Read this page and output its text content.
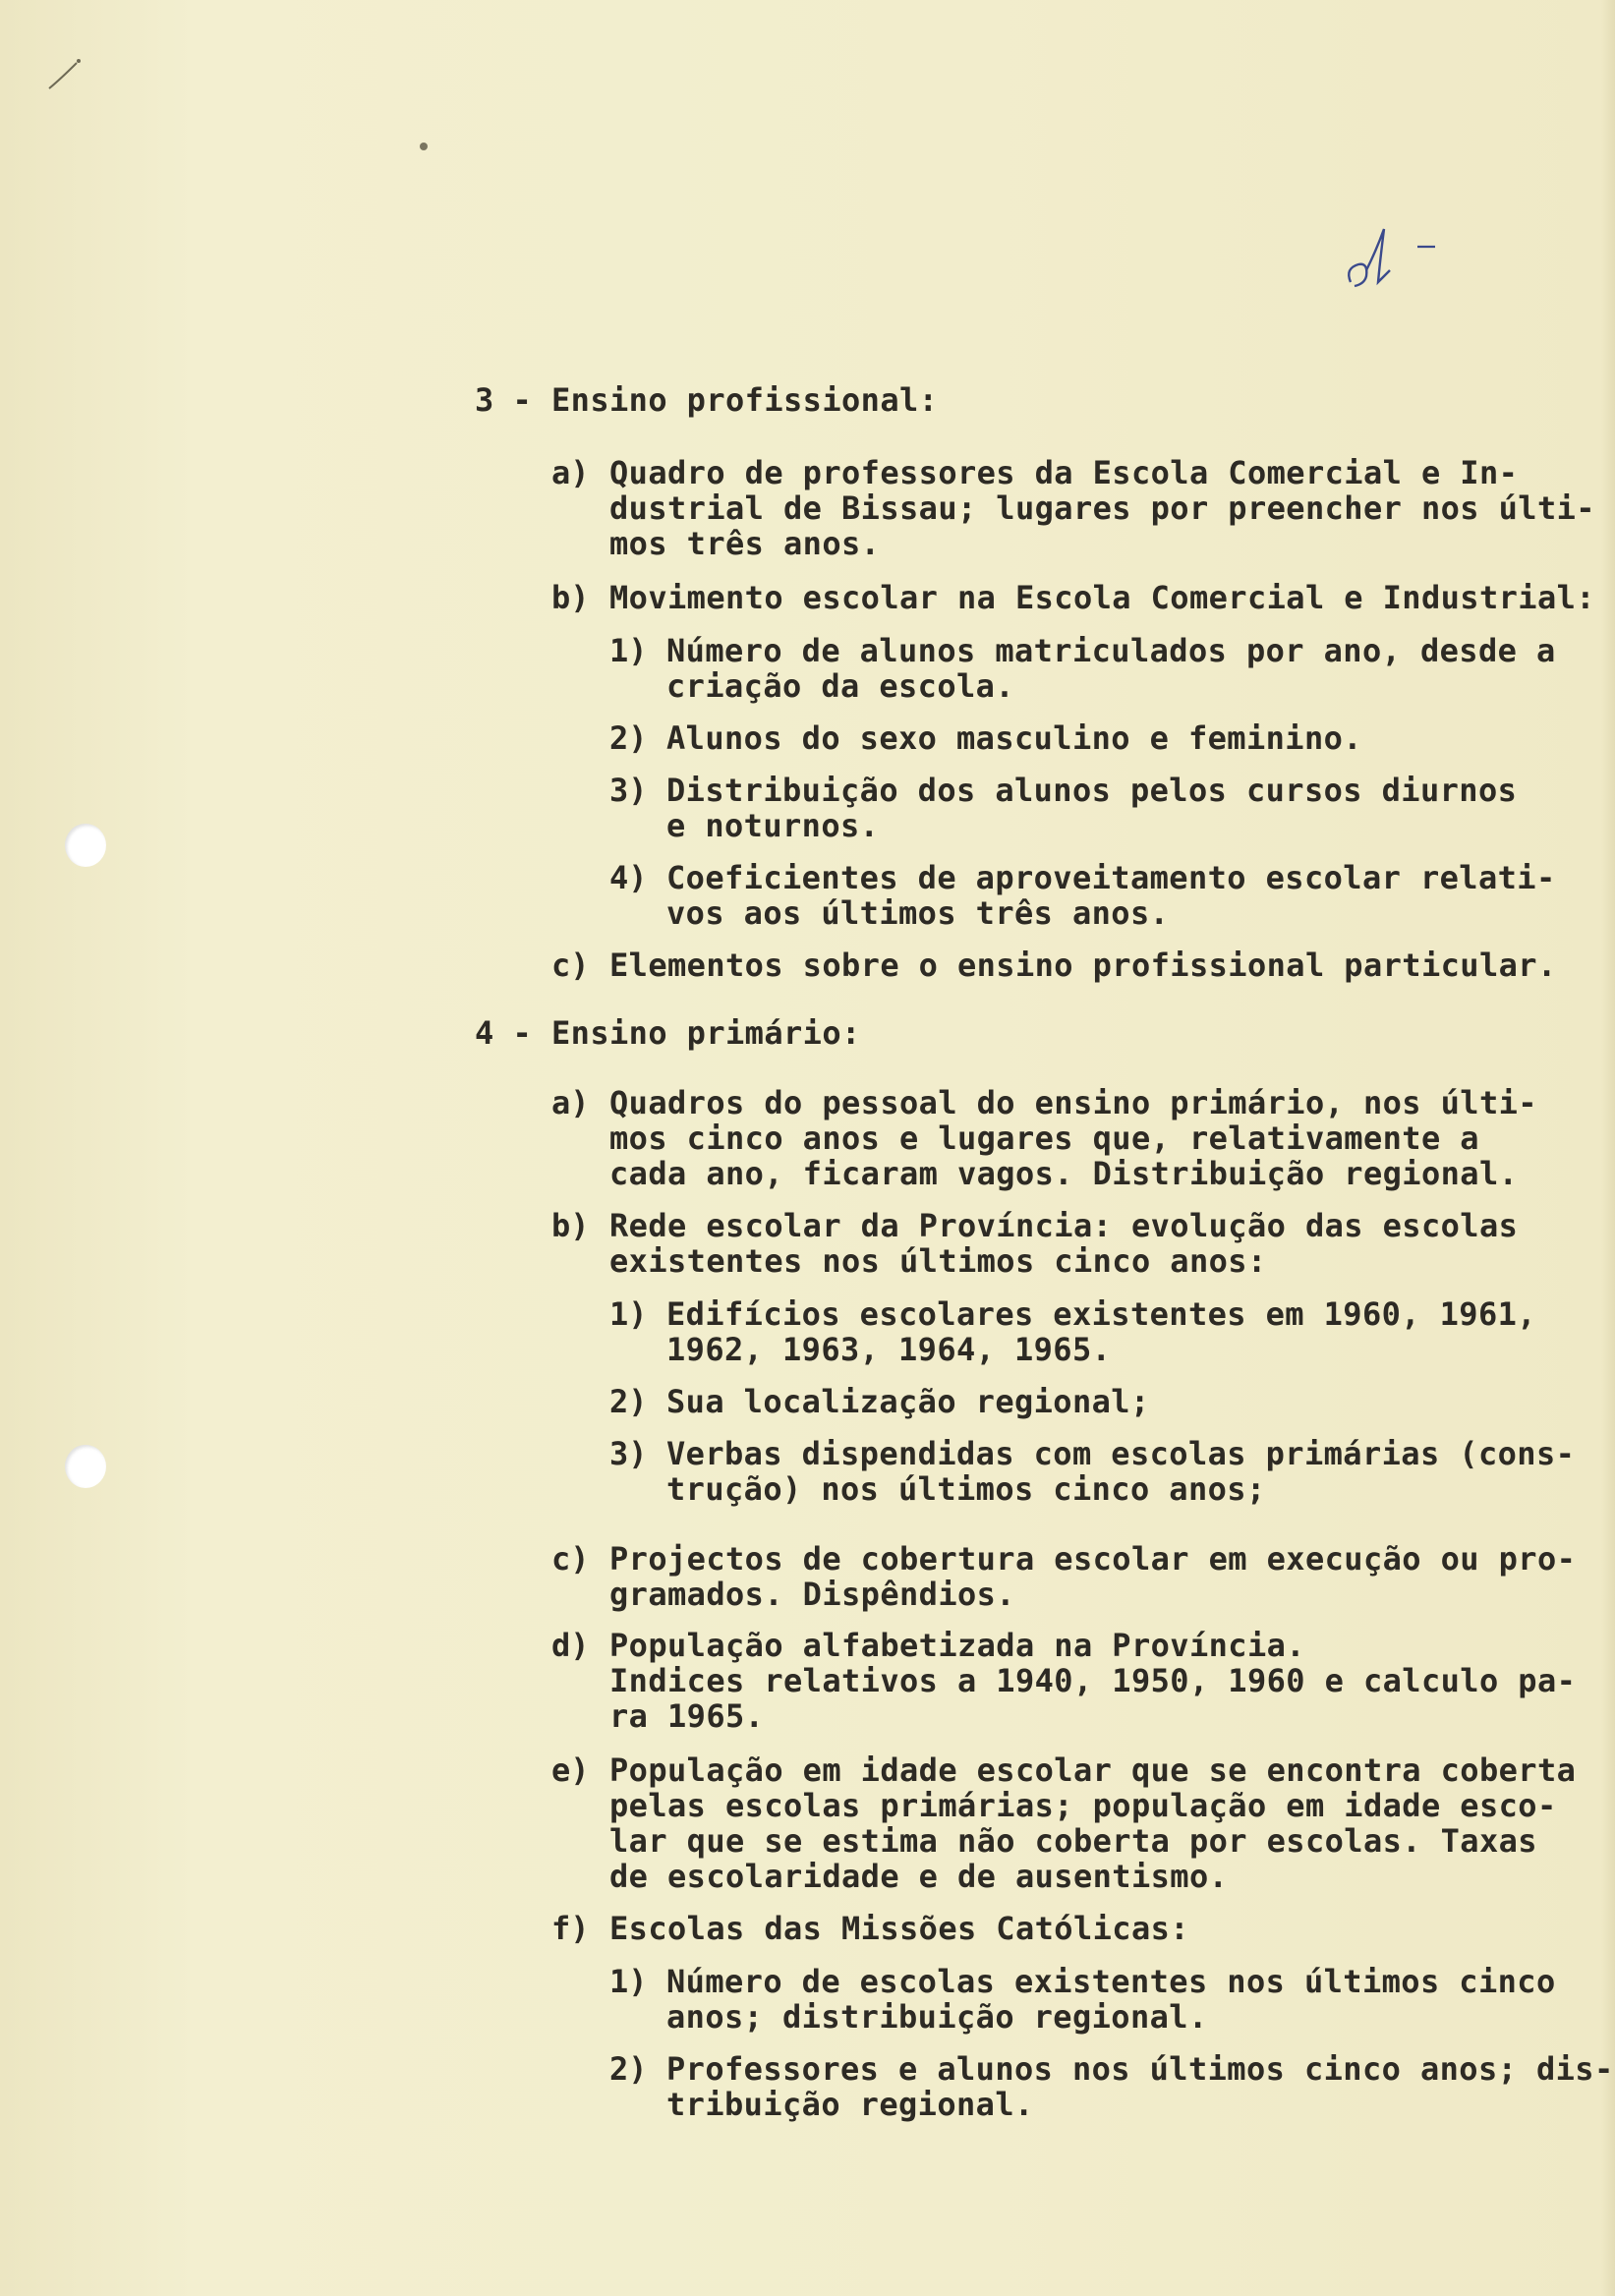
3 - Ensino profissional:
a) Quadro de professores da Escola Comercial e In-
dustrial de Bissau; lugares por preencher nos últi-
mos três anos.
b) Movimento escolar na Escola Comercial e Industrial:
1) Número de alunos matriculados por ano, desde a
criação da escola.
2) Alunos do sexo masculino e feminino.
3) Distribuição dos alunos pelos cursos diurnos
e noturnos.
4) Coeficientes de aproveitamento escolar relati-
vos aos últimos três anos.
c) Elementos sobre o ensino profissional particular.
4 - Ensino primário:
a) Quadros do pessoal do ensino primário, nos últi-
mos cinco anos e lugares que, relativamente a
cada ano, ficaram vagos. Distribuição regional.
b) Rede escolar da Província: evolução das escolas
existentes nos últimos cinco anos:
1) Edifícios escolares existentes em 1960, 1961,
1962, 1963, 1964, 1965.
2) Sua localização regional;
3) Verbas dispendidas com escolas primárias (cons-
trução) nos últimos cinco anos;
c) Projectos de cobertura escolar em execução ou pro-
gramados. Dispêndios.
d) População alfabetizada na Província.
Indices relativos a 1940, 1950, 1960 e calculo pa-
ra 1965.
e) População em idade escolar que se encontra coberta
pelas escolas primárias; população em idade esco-
lar que se estima não coberta por escolas. Taxas
de escolaridade e de ausentismo.
f) Escolas das Missões Católicas:
1) Número de escolas existentes nos últimos cinco
anos; distribuição regional.
2) Professores e alunos nos últimos cinco anos; dis-
tribuição regional.
